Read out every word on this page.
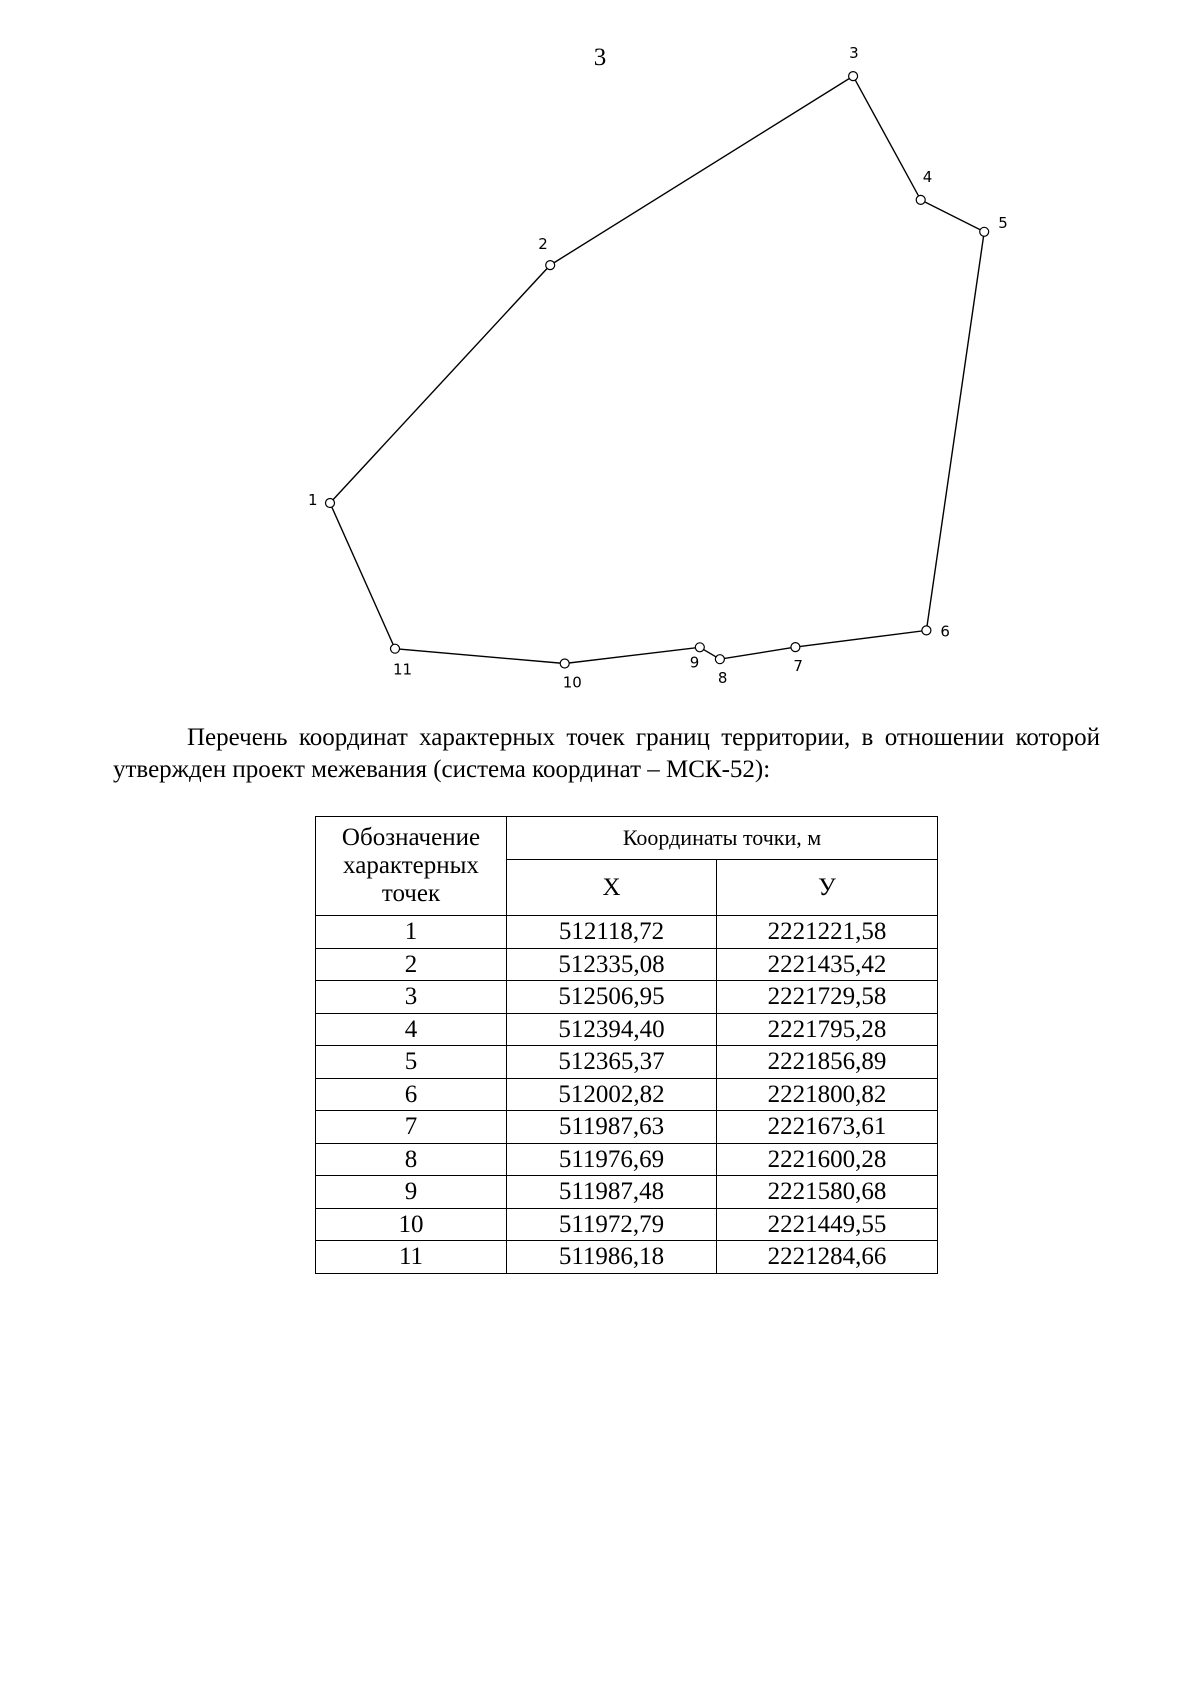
3
1
2
3
4
5
6
7
8
9
10
11
Перечень координат характерных точек границ территории, в отношении которой утвержден проект межевания (система координат – МСК-52):
Обозначение характерных точек	Координаты точки, м	
	Х	У
1	512118,72	2221221,58
2	512335,08	2221435,42
3	512506,95	2221729,58
4	512394,40	2221795,28
5	512365,37	2221856,89
6	512002,82	2221800,82
7	511987,63	2221673,61
8	511976,69	2221600,28
9	511987,48	2221580,68
10	511972,79	2221449,55
11	511986,18	2221284,66
